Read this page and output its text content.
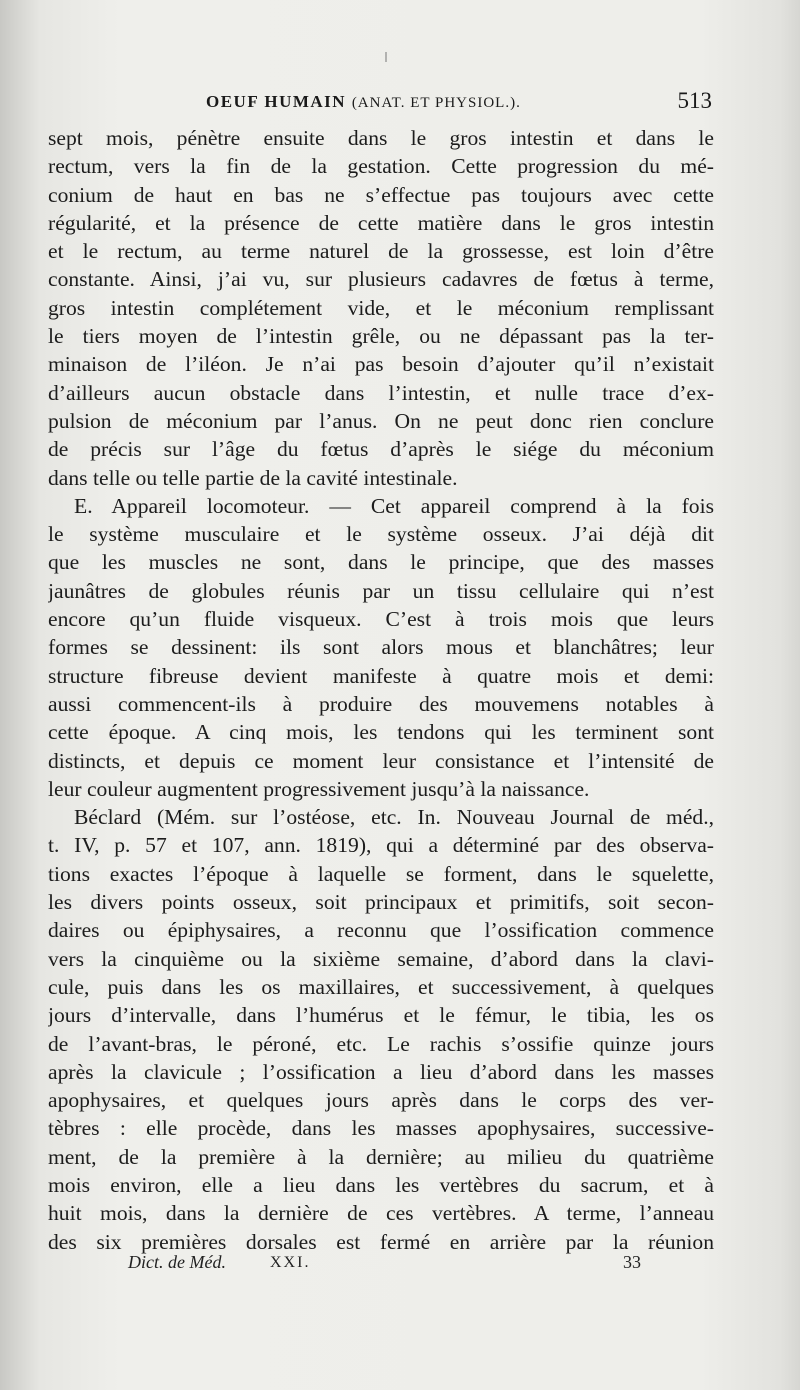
OEUF HUMAIN (ANAT. ET PHYSIOL.).	513
sept mois, pénètre ensuite dans le gros intestin et dans le
rectum, vers la fin de la gestation. Cette progression du mé-
conium de haut en bas ne s’effectue pas toujours avec cette
régularité, et la présence de cette matière dans le gros intestin
et le rectum, au terme naturel de la grossesse, est loin d’être
constante. Ainsi, j’ai vu, sur plusieurs cadavres de fœtus à terme,
gros intestin complétement vide, et le méconium remplissant
le tiers moyen de l’intestin grêle, ou ne dépassant pas la ter-
minaison de l’iléon. Je n’ai pas besoin d’ajouter qu’il n’existait
d’ailleurs aucun obstacle dans l’intestin, et nulle trace d’ex-
pulsion de méconium par l’anus. On ne peut donc rien conclure
de précis sur l’âge du fœtus d’après le siége du méconium
dans telle ou telle partie de la cavité intestinale.
E. Appareil locomoteur. — Cet appareil comprend à la fois
le système musculaire et le système osseux. J’ai déjà dit
que les muscles ne sont, dans le principe, que des masses
jaunâtres de globules réunis par un tissu cellulaire qui n’est
encore qu’un fluide visqueux. C’est à trois mois que leurs
formes se dessinent: ils sont alors mous et blanchâtres; leur
structure fibreuse devient manifeste à quatre mois et demi:
aussi commencent-ils à produire des mouvemens notables à
cette époque. A cinq mois, les tendons qui les terminent sont
distincts, et depuis ce moment leur consistance et l’intensité de
leur couleur augmentent progressivement jusqu’à la naissance.
Béclard (Mém. sur l’ostéose, etc. In. Nouveau Journal de méd.,
t. IV, p. 57 et 107, ann. 1819), qui a déterminé par des observa-
tions exactes l’époque à laquelle se forment, dans le squelette,
les divers points osseux, soit principaux et primitifs, soit secon-
daires ou épiphysaires, a reconnu que l’ossification commence
vers la cinquième ou la sixième semaine, d’abord dans la clavi-
cule, puis dans les os maxillaires, et successivement, à quelques
jours d’intervalle, dans l’humérus et le fémur, le tibia, les os
de l’avant-bras, le péroné, etc. Le rachis s’ossifie quinze jours
après la clavicule ; l’ossification a lieu d’abord dans les masses
apophysaires, et quelques jours après dans le corps des ver-
tèbres : elle procède, dans les masses apophysaires, successive-
ment, de la première à la dernière; au milieu du quatrième
mois environ, elle a lieu dans les vertèbres du sacrum, et à
huit mois, dans la dernière de ces vertèbres. A terme, l’anneau
des six premières dorsales est fermé en arrière par la réunion
Dict. de Méd.	XXI.	33
